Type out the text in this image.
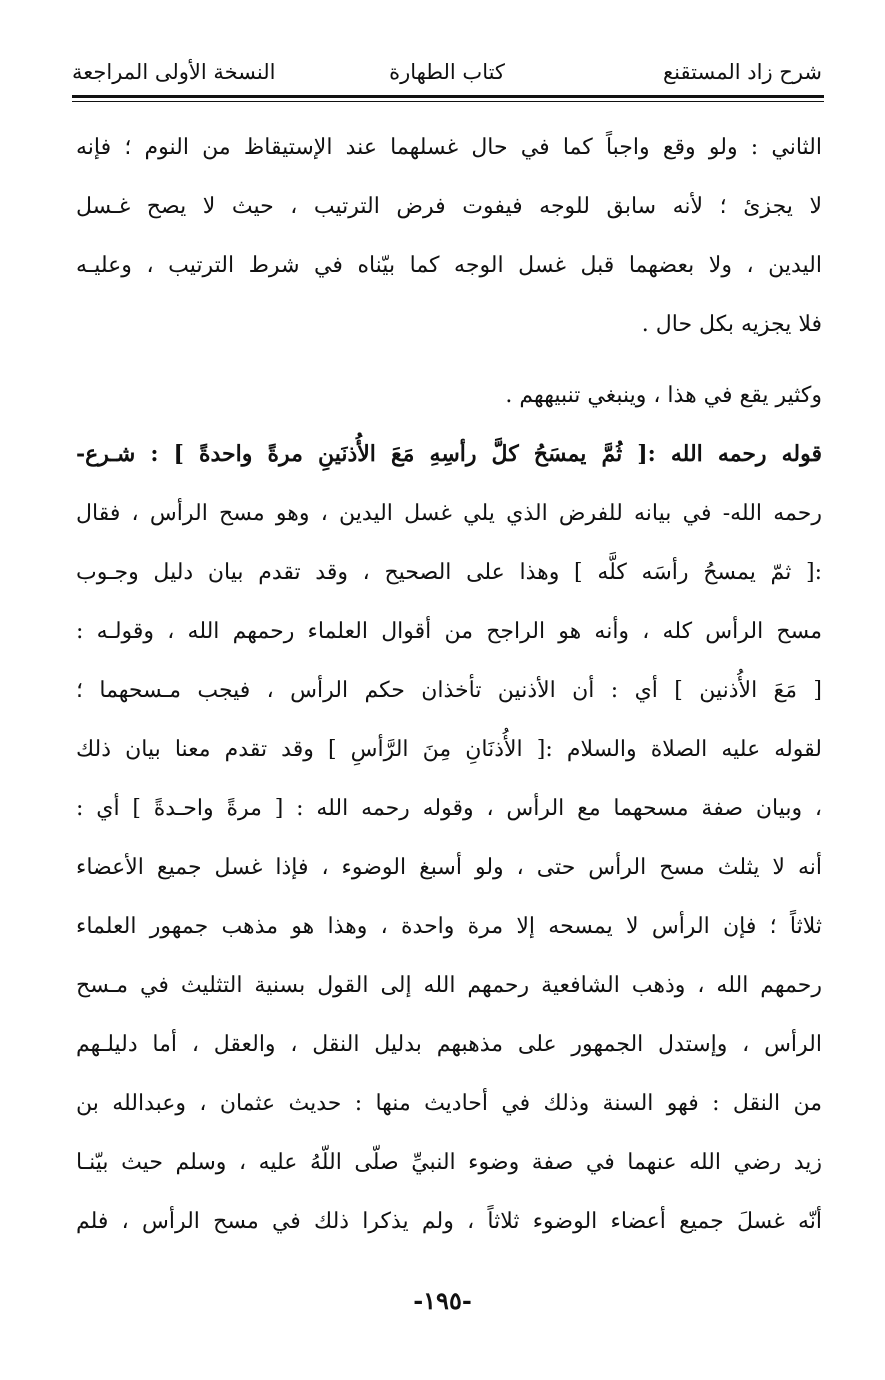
شرح زاد المستقنع
كتاب الطهارة
النسخة الأولى المراجعة
الثاني : ولو وقع واجباً كما في حال غسلهما عند الإستيقاظ من النوم ؛ فإنه
لا يجزئ ؛ لأنه سابق للوجه فيفوت فرض الترتيب ، حيث لا يصح غـسل
اليدين ، ولا بعضهما قبل غسل الوجه كما بيّناه في شرط الترتيب ، وعليـه
فلا يجزيه بكل حال .
وكثير يقع في هذا ، وينبغي تنبيههم .
قوله رحمه الله :[ ثُمَّ يمسَحُ كلَّ رأسِهِ مَعَ الأُذنَينِ مرةً واحدةً ] : شـرع-
رحمه الله- في بيانه للفرض الذي يلي غسل اليدين ، وهو مسح الرأس ، فقال
:[ ثمّ يمسحُ رأسَه كلَّه ] وهذا على الصحيح ، وقد تقدم بيان دليل وجـوب
مسح الرأس كله ، وأنه هو الراجح من أقوال العلماء رحمهم الله ، وقولـه :
[ مَعَ الأُذنين ] أي : أن الأذنين تأخذان حكم الرأس ، فيجب مـسحهما ؛
لقوله عليه الصلاة والسلام :[ الأُذنَانِ مِنَ الرَّأسِ ] وقد تقدم معنا بيان ذلك
، وبيان صفة مسحهما مع الرأس ، وقوله رحمه الله : [ مرةً واحـدةً ] أي :
أنه لا يثلث مسح الرأس حتى ، ولو أسبغ الوضوء ، فإذا غسل جميع الأعضاء
ثلاثاً ؛ فإن الرأس لا يمسحه إلا مرة واحدة ، وهذا هو مذهب جمهور العلماء
رحمهم الله ، وذهب الشافعية رحمهم الله إلى القول بسنية التثليث في مـسح
الرأس ، وإستدل الجمهور على مذهبهم بدليل النقل ، والعقل ، أما دليلـهم
من النقل : فهو السنة وذلك في أحاديث منها : حديث عثمان ، وعبدالله بن
زيد رضي الله عنهما في صفة وضوء النبيِّ صلّى اللّهُ عليه ، وسلم حيث بيّنـا
أنّه غسلَ جميع أعضاء الوضوء ثلاثاً ، ولم يذكرا ذلك في مسح الرأس ، فلم
-١٩٥-
